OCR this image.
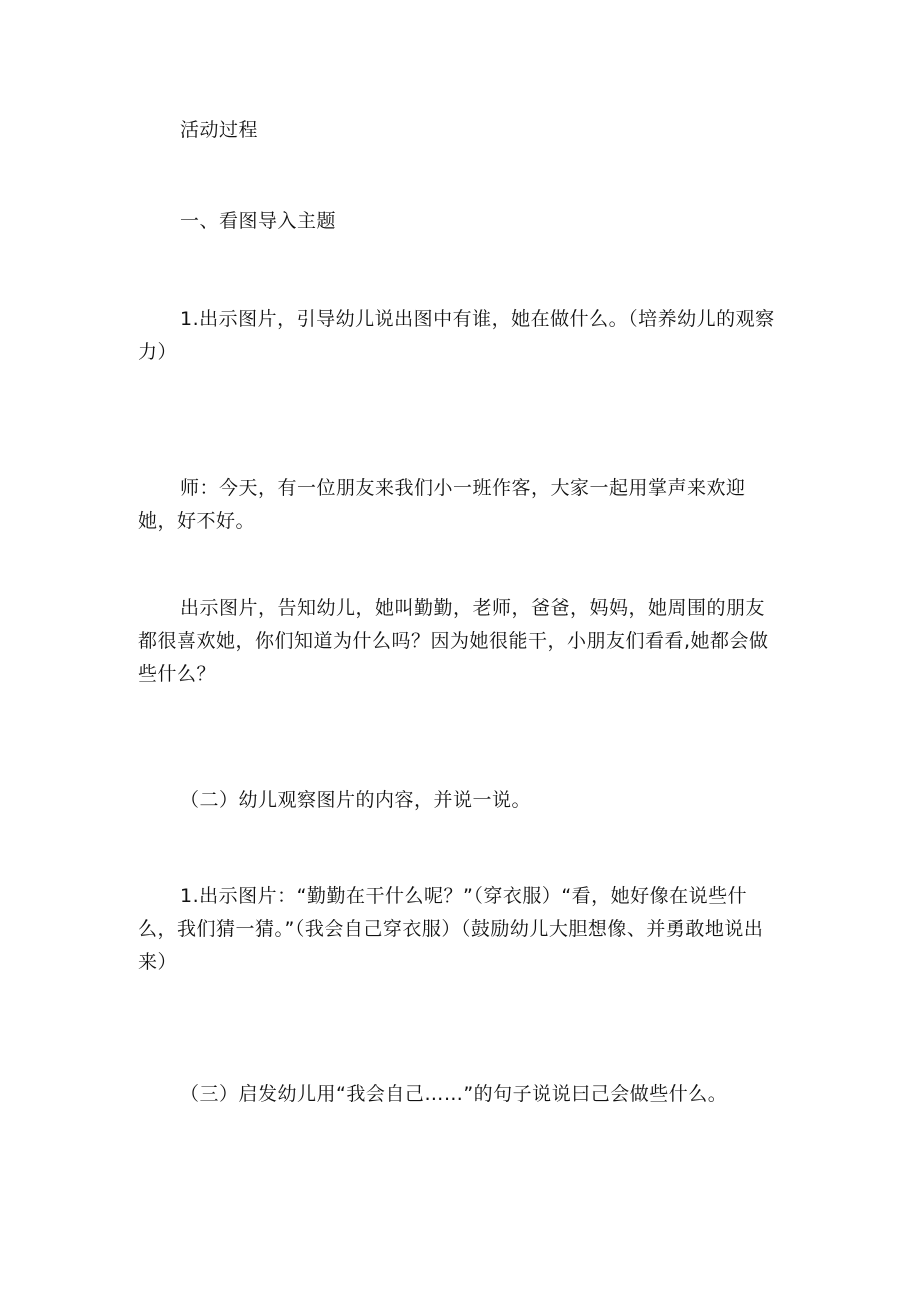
活动过程

一、看图导入主题

1.出示图片，引导幼儿说出图中有谁，她在做什么。（培养幼儿的观察力）

师：今天，有一位朋友来我们小一班作客，大家一起用掌声来欢迎她，好不好。

出示图片，告知幼儿，她叫勤勤，老师，爸爸，妈妈，她周围的朋友都很喜欢她，你们知道为什么吗？因为她很能干，小朋友们看看,她都会做些什么？

（二）幼儿观察图片的内容，并说一说。

1.出示图片：“勤勤在干什么呢？”（穿衣服）“看，她好像在说些什么，我们猜一猜。”（我会自己穿衣服）（鼓励幼儿大胆想像、并勇敢地说出来）

（三）启发幼儿用“我会自己……”的句子说说曰己会做些什么。
